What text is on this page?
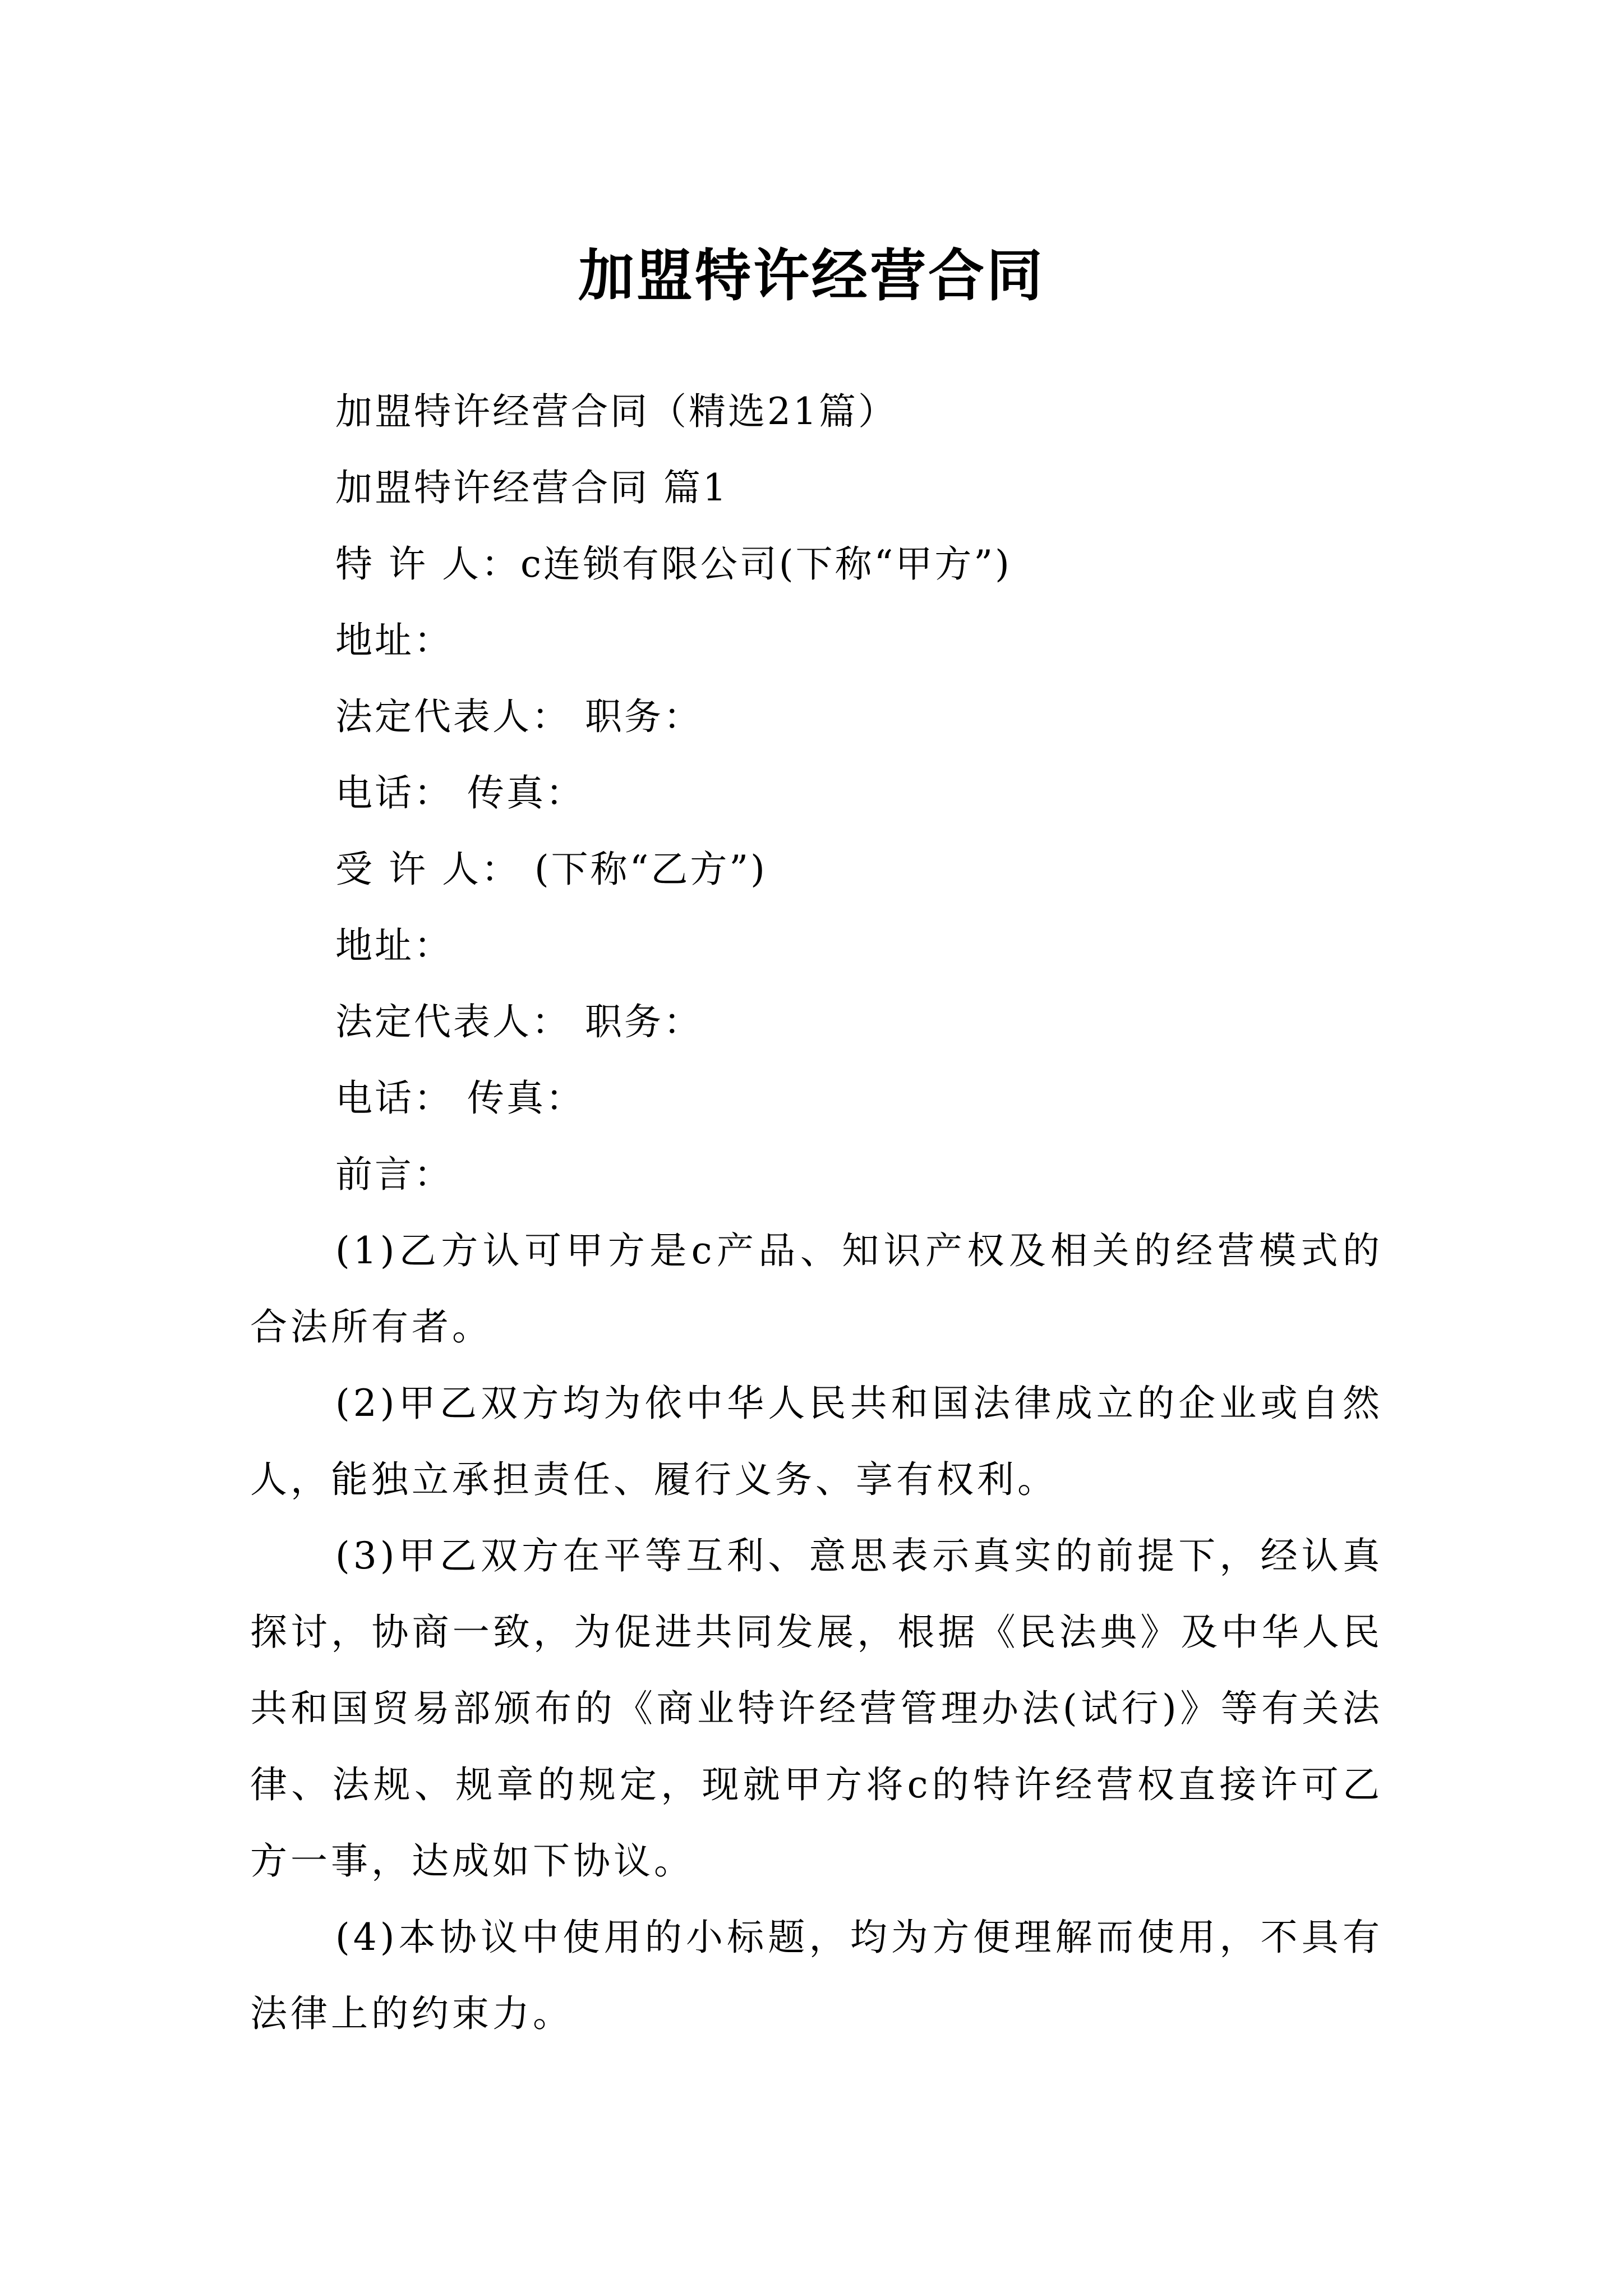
加盟特许经营合同

加盟特许经营合同（精选21篇）

加盟特许经营合同 篇1

特 许 人：c连锁有限公司(下称“甲方”)

地址：

法定代表人： 职务：

电话： 传真：

受 许 人： (下称“乙方”)

地址：

法定代表人： 职务：

电话： 传真：

前言：

(1)乙方认可甲方是c产品、知识产权及相关的经营模式的合法所有者。

(2)甲乙双方均为依中华人民共和国法律成立的企业或自然人，能独立承担责任、履行义务、享有权利。

(3)甲乙双方在平等互利、意思表示真实的前提下，经认真探讨，协商一致，为促进共同发展，根据《民法典》及中华人民共和国贸易部颁布的《商业特许经营管理办法(试行)》等有关法律、法规、规章的规定，现就甲方将c的特许经营权直接许可乙方一事，达成如下协议。

(4)本协议中使用的小标题，均为方便理解而使用，不具有法律上的约束力。
